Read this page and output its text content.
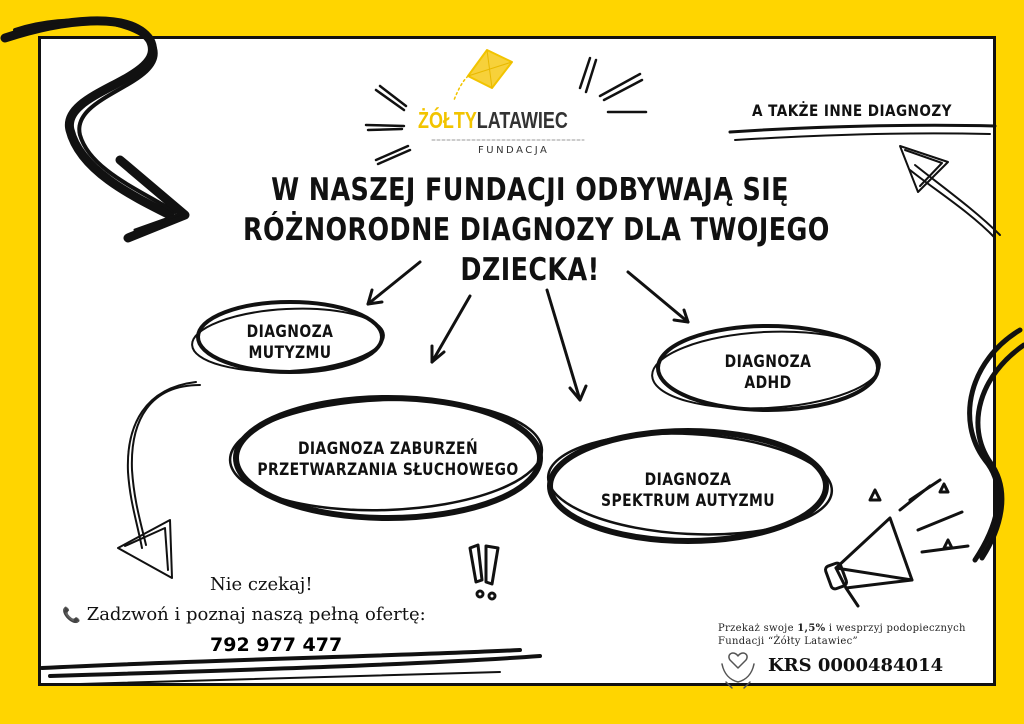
ŻÓŁTYLATAWIEC
FUNDACJA
A TAKŻE INNE DIAGNOZY
W NASZEJ FUNDACJI ODBYWAJĄ SIĘ
RÓŻNORODNE DIAGNOZY DLA TWOJEGO
DZIECKA!
DIAGNOZA
MUTYZMU
DIAGNOZA ZABURZEŃ
PRZETWARZANIA SŁUCHOWEGO	DIAGNOZA
SPEKTRUM AUTYZMU
DIAGNOZA
ADHD
Nie czekaj!
📞 Zadzwoń i poznaj naszą pełną ofertę:
792 977 477
Przekaż swoje 1,5% i wesprzyj podopiecznych
Fundacji “Żółty Latawiec”
KRS 0000484014
